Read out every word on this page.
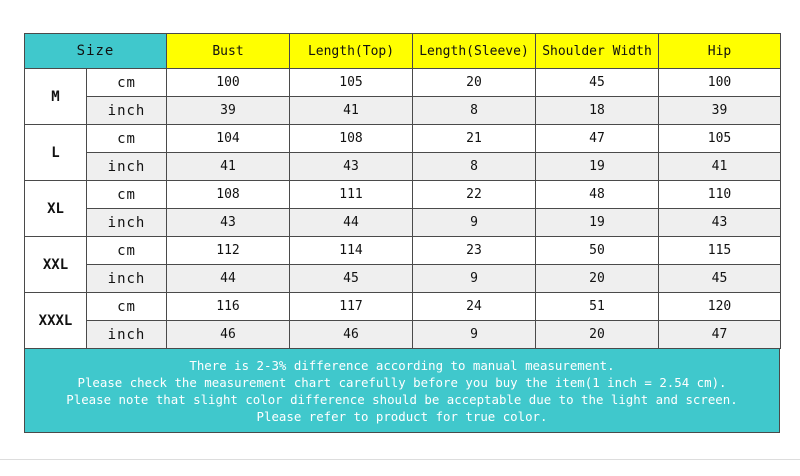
Size		Bust	Length(Top)	Length(Sleeve)	Shoulder Width	Hip
M	cm	100	105	20	45	100
	inch	39	41	8	18	39
L	cm	104	108	21	47	105
	inch	41	43	8	19	41
XL	cm	108	111	22	48	110
	inch	43	44	9	19	43
XXL	cm	112	114	23	50	115
	inch	44	45	9	20	45
XXXL	cm	116	117	24	51	120
	inch	46	46	9	20	47
There is 2-3% difference according to manual measurement.
Please check the measurement chart carefully before you buy the item(1 inch = 2.54 cm).
Please note that slight color difference should be acceptable due to the light and screen.
Please refer to product for true color.
